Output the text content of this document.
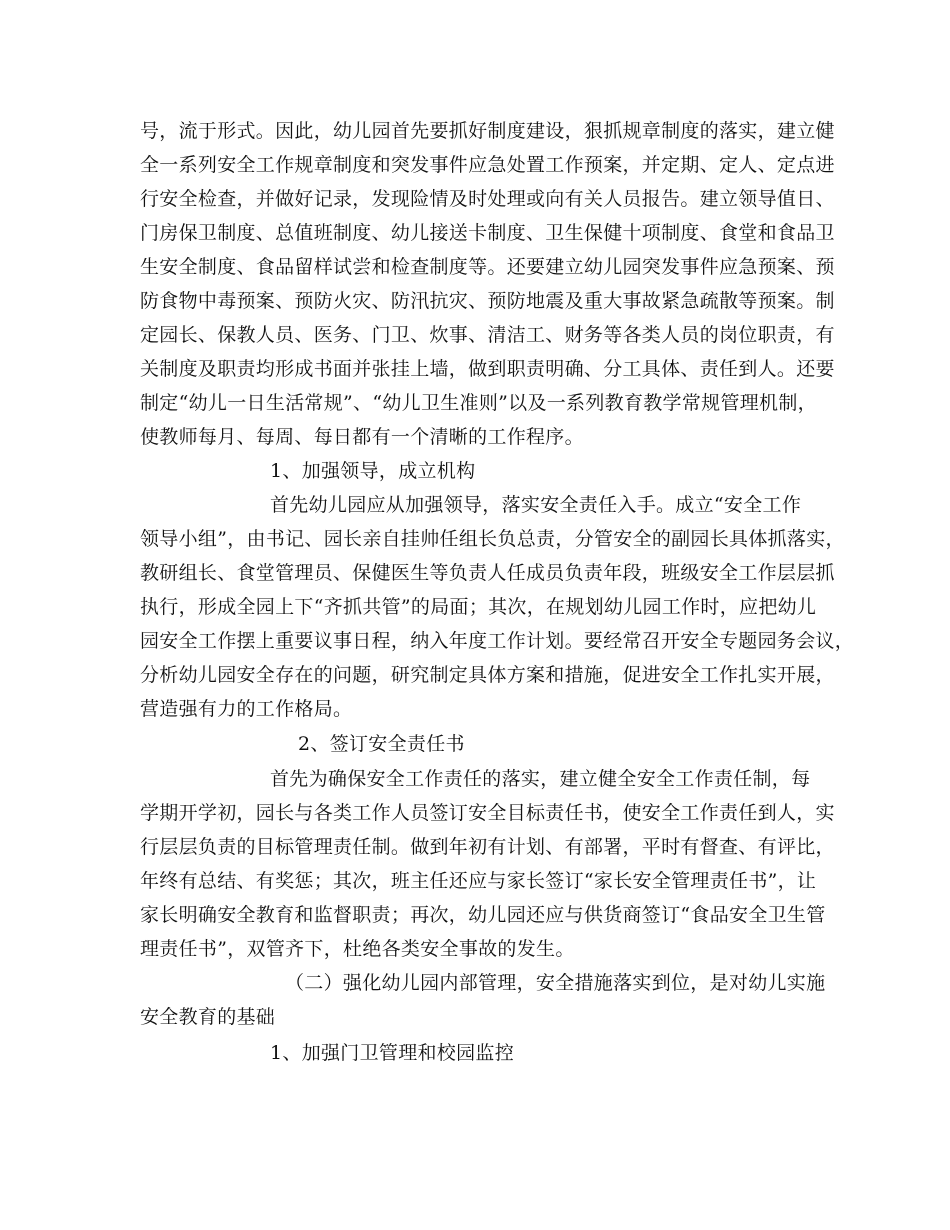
号，流于形式。因此，幼儿园首先要抓好制度建设，狠抓规章制度的落实，建立健
全一系列安全工作规章制度和突发事件应急处置工作预案，并定期、定人、定点进
行安全检查，并做好记录，发现险情及时处理或向有关人员报告。建立领导值日、
门房保卫制度、总值班制度、幼儿接送卡制度、卫生保健十项制度、食堂和食品卫
生安全制度、食品留样试尝和检查制度等。还要建立幼儿园突发事件应急预案、预
防食物中毒预案、预防火灾、防汛抗灾、预防地震及重大事故紧急疏散等预案。制
定园长、保教人员、医务、门卫、炊事、清洁工、财务等各类人员的岗位职责，有
关制度及职责均形成书面并张挂上墙，做到职责明确、分工具体、责任到人。还要
制定“幼儿一日生活常规”、“幼儿卫生准则”以及一系列教育教学常规管理机制，
使教师每月、每周、每日都有一个清晰的工作程序。
1、加强领导，成立机构
首先幼儿园应从加强领导，落实安全责任入手。成立“安全工作
领导小组”，由书记、园长亲自挂帅任组长负总责，分管安全的副园长具体抓落实，
教研组长、食堂管理员、保健医生等负责人任成员负责年段，班级安全工作层层抓
执行，形成全园上下“齐抓共管”的局面；其次，在规划幼儿园工作时，应把幼儿
园安全工作摆上重要议事日程，纳入年度工作计划。要经常召开安全专题园务会议，
分析幼儿园安全存在的问题，研究制定具体方案和措施，促进安全工作扎实开展，
营造强有力的工作格局。
2、签订安全责任书
首先为确保安全工作责任的落实，建立健全安全工作责任制，每
学期开学初，园长与各类工作人员签订安全目标责任书，使安全工作责任到人，实
行层层负责的目标管理责任制。做到年初有计划、有部署，平时有督查、有评比，
年终有总结、有奖惩；其次，班主任还应与家长签订“家长安全管理责任书”，让
家长明确安全教育和监督职责；再次，幼儿园还应与供货商签订“食品安全卫生管
理责任书”，双管齐下，杜绝各类安全事故的发生。
（二）强化幼儿园内部管理，安全措施落实到位，是对幼儿实施
安全教育的基础
1、加强门卫管理和校园监控
